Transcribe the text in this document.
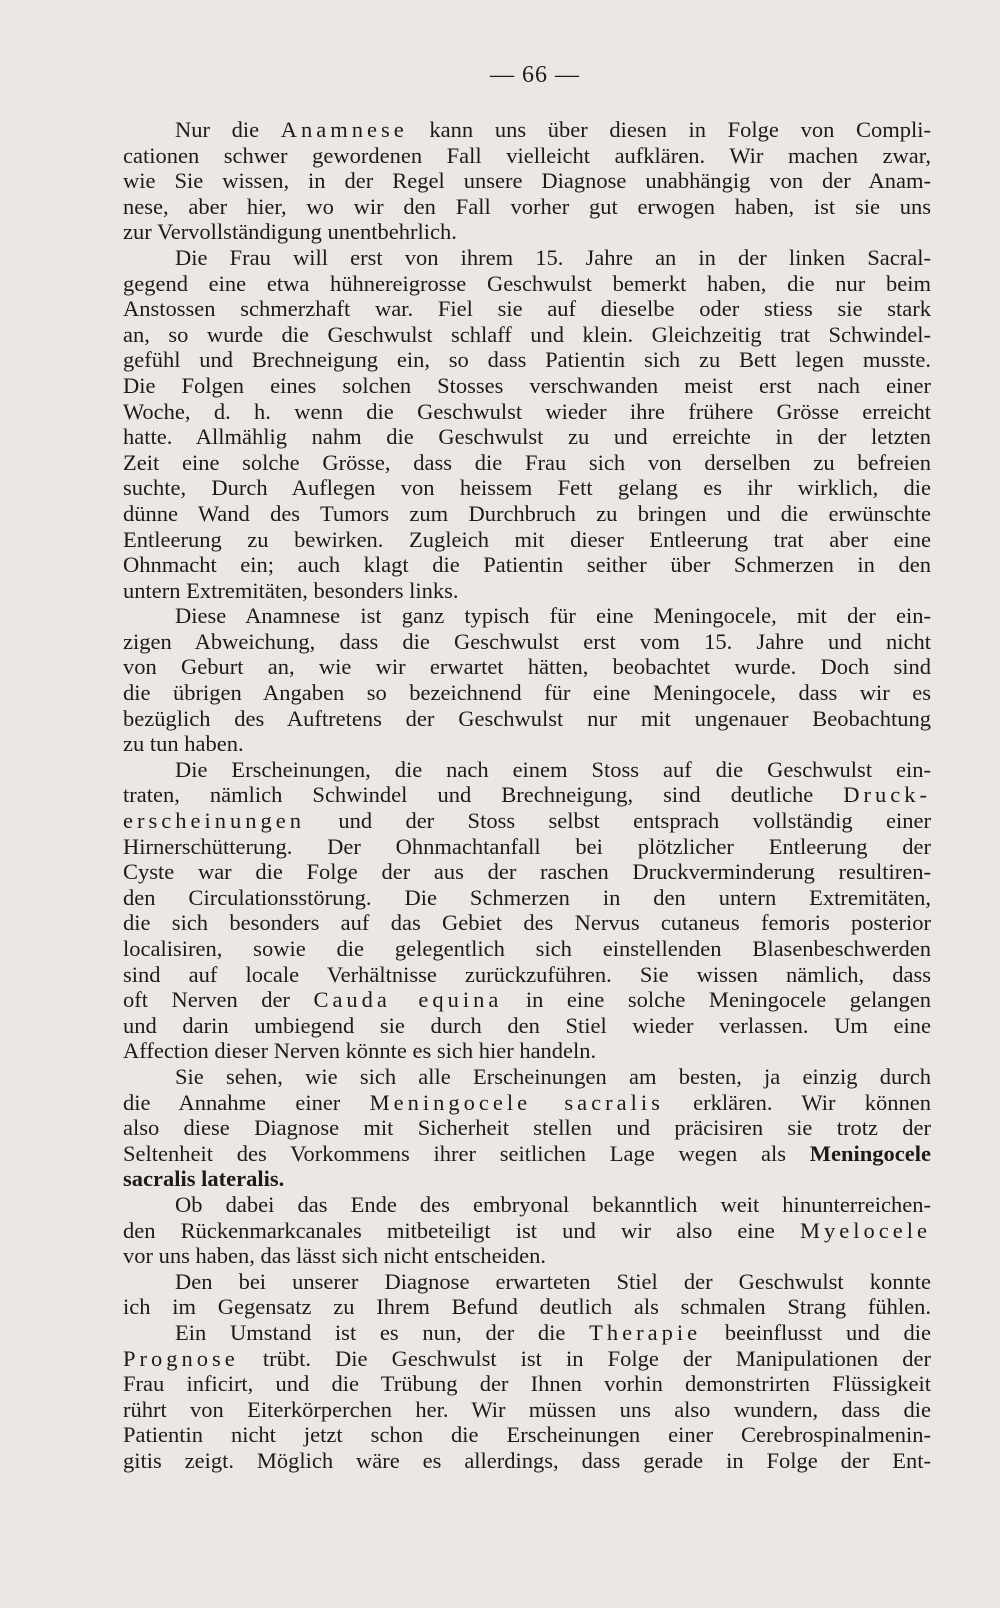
— 66 —
Nur die Anamnese kann uns über diesen in Folge von Compli-
cationen schwer gewordenen Fall vielleicht aufklären. Wir machen zwar,
wie Sie wissen, in der Regel unsere Diagnose unabhängig von der Anam-
nese, aber hier, wo wir den Fall vorher gut erwogen haben, ist sie uns
zur Vervollständigung unentbehrlich.
Die Frau will erst von ihrem 15. Jahre an in der linken Sacral-
gegend eine etwa hühnereigrosse Geschwulst bemerkt haben, die nur beim
Anstossen schmerzhaft war. Fiel sie auf dieselbe oder stiess sie stark
an, so wurde die Geschwulst schlaff und klein. Gleichzeitig trat Schwindel-
gefühl und Brechneigung ein, so dass Patientin sich zu Bett legen musste.
Die Folgen eines solchen Stosses verschwanden meist erst nach einer
Woche, d. h. wenn die Geschwulst wieder ihre frühere Grösse erreicht
hatte. Allmählig nahm die Geschwulst zu und erreichte in der letzten
Zeit eine solche Grösse, dass die Frau sich von derselben zu befreien
suchte, Durch Auflegen von heissem Fett gelang es ihr wirklich, die
dünne Wand des Tumors zum Durchbruch zu bringen und die erwünschte
Entleerung zu bewirken. Zugleich mit dieser Entleerung trat aber eine
Ohnmacht ein; auch klagt die Patientin seither über Schmerzen in den
untern Extremitäten, besonders links.
Diese Anamnese ist ganz typisch für eine Meningocele, mit der ein-
zigen Abweichung, dass die Geschwulst erst vom 15. Jahre und nicht
von Geburt an, wie wir erwartet hätten, beobachtet wurde. Doch sind
die übrigen Angaben so bezeichnend für eine Meningocele, dass wir es
bezüglich des Auftretens der Geschwulst nur mit ungenauer Beobachtung
zu tun haben.
Die Erscheinungen, die nach einem Stoss auf die Geschwulst ein-
traten, nämlich Schwindel und Brechneigung, sind deutliche Druck-
erscheinungen und der Stoss selbst entsprach vollständig einer
Hirnerschütterung. Der Ohnmachtanfall bei plötzlicher Entleerung der
Cyste war die Folge der aus der raschen Druckverminderung resultiren-
den Circulationsstörung. Die Schmerzen in den untern Extremitäten,
die sich besonders auf das Gebiet des Nervus cutaneus femoris posterior
localisiren, sowie die gelegentlich sich einstellenden Blasenbeschwerden
sind auf locale Verhältnisse zurückzuführen. Sie wissen nämlich, dass
oft Nerven der Cauda equina in eine solche Meningocele gelangen
und darin umbiegend sie durch den Stiel wieder verlassen. Um eine
Affection dieser Nerven könnte es sich hier handeln.
Sie sehen, wie sich alle Erscheinungen am besten, ja einzig durch
die Annahme einer Meningocele sacralis erklären. Wir können
also diese Diagnose mit Sicherheit stellen und präcisiren sie trotz der
Seltenheit des Vorkommens ihrer seitlichen Lage wegen als Meningocele
sacralis lateralis.
Ob dabei das Ende des embryonal bekanntlich weit hinunterreichen-
den Rückenmarkcanales mitbeteiligt ist und wir also eine Myelocele
vor uns haben, das lässt sich nicht entscheiden.
Den bei unserer Diagnose erwarteten Stiel der Geschwulst konnte
ich im Gegensatz zu Ihrem Befund deutlich als schmalen Strang fühlen.
Ein Umstand ist es nun, der die Therapie beeinflusst und die
Prognose trübt. Die Geschwulst ist in Folge der Manipulationen der
Frau inficirt, und die Trübung der Ihnen vorhin demonstrirten Flüssigkeit
rührt von Eiterkörperchen her. Wir müssen uns also wundern, dass die
Patientin nicht jetzt schon die Erscheinungen einer Cerebrospinalmenin-
gitis zeigt. Möglich wäre es allerdings, dass gerade in Folge der Ent-
